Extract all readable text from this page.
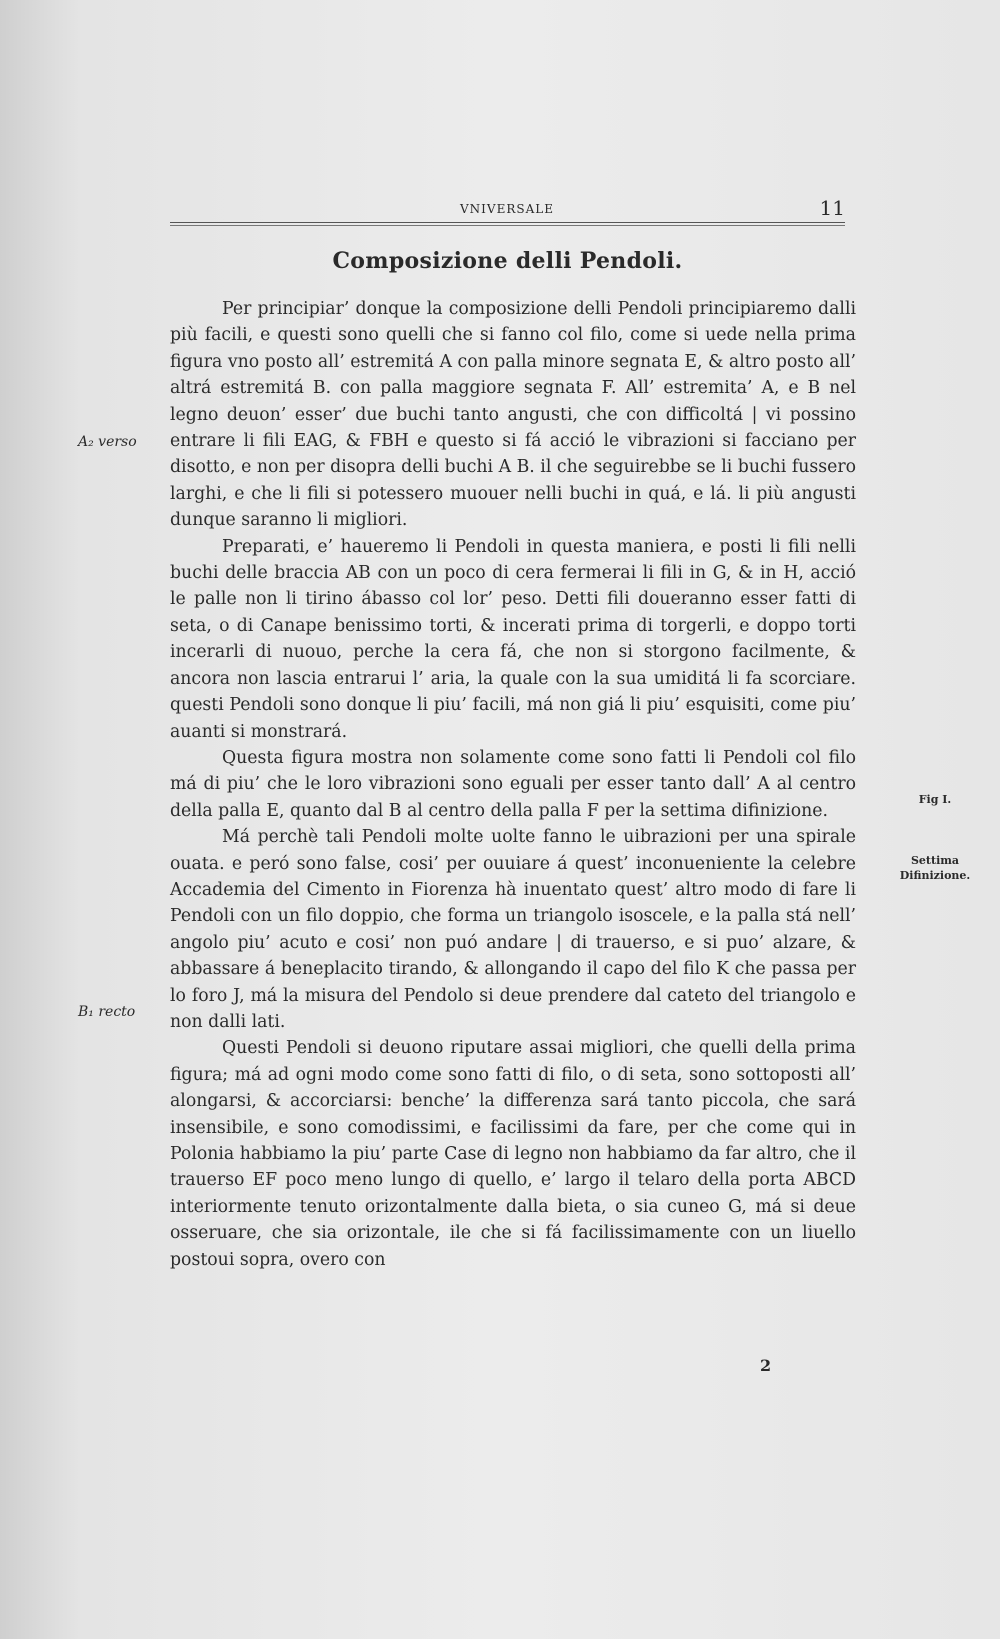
VNIVERSALE	11
Composizione delli Pendoli.

Per principiar’ donque la composizione delli Pendoli principiaremo dalli più facili, e questi sono quelli che si fanno col filo, come si uede nella prima figura vno posto all’ estremitá A con palla minore segnata E, & altro posto all’ altrá estremitá B. con palla maggiore segnata F. All’ estremita’ A, e B nel legno deuon’ esser’ due buchi tanto angusti, che con difficoltá | vi possino entrare li fili EAG, & FBH e questo si fá acció le vibrazioni si facciano per disotto, e non per disopra delli buchi A B. il che seguirebbe se li buchi fussero larghi, e che li fili si potessero muouer nelli buchi in quá, e lá. li più angusti dunque saranno li migliori.

Preparati, e’ haueremo li Pendoli in questa maniera, e posti li fili nelli buchi delle braccia AB con un poco di cera fermerai li fili in G, & in H, acció le palle non li tirino ábasso col lor’ peso. Detti fili doueranno esser fatti di seta, o di Canape benissimo torti, & incerati prima di torgerli, e doppo torti incerarli di nuouo, perche la cera fá, che non si storgono facilmente, & ancora non lascia entrarui l’ aria, la quale con la sua umiditá li fa scorciare. questi Pendoli sono donque li piu’ facili, má non giá li piu’ esquisiti, come piu’ auanti si monstrará.

Questa figura mostra non solamente come sono fatti li Pendoli col filo má di piu’ che le loro vibrazioni sono eguali per esser tanto dall’ A al centro della palla E, quanto dal B al centro della palla F per la settima difinizione.

Má perchè tali Pendoli molte uolte fanno le uibrazioni per una spirale ouata. e peró sono false, cosi’ per ouuiare á quest’ inconueniente la celebre Accademia del Cimento in Fiorenza hà inuentato quest’ altro modo di fare li Pendoli con un filo doppio, che forma un triangolo isoscele, e la palla stá nell’ angolo piu’ acuto e cosi’ non puó andare | di trauerso, e si puo’ alzare, & abbassare á beneplacito tirando, & allongando il capo del filo K che passa per lo foro J, má la misura del Pendolo si deue prendere dal cateto del triangolo e non dalli lati.

Questi Pendoli si deuono riputare assai migliori, che quelli della prima figura; má ad ogni modo come sono fatti di filo, o di seta, sono sottoposti all’ alongarsi, & accorciarsi: benche’ la differenza sará tanto piccola, che sará insensibile, e sono comodissimi, e facilissimi da fare, per che come qui in Polonia habbiamo la piu’ parte Case di legno non habbiamo da far altro, che il trauerso EF poco meno lungo di quello, e’ largo il telaro della porta ABCD interiormente tenuto orizontalmente dalla bieta, o sia cuneo G, má si deue osseruare, che sia orizontale, ile che si fá facilissimamente con un liuello postoui sopra, overo con

A₂ verso
B₁ recto
Fig I.
Settima
Difinizione.
2
